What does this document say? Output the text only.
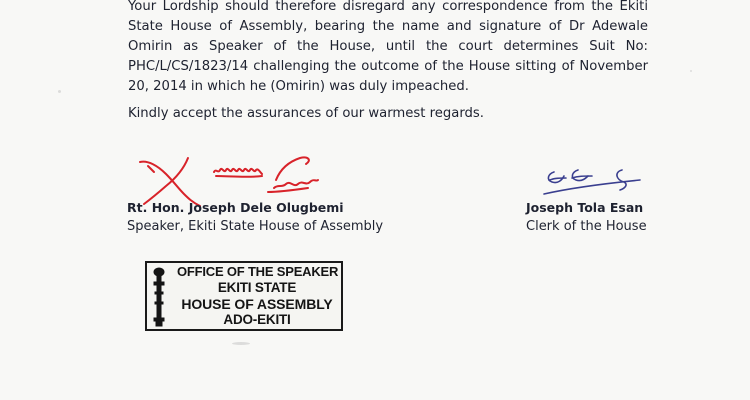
Your Lordship should therefore disregard any correspondence from the Ekiti State House of Assembly, bearing the name and signature of Dr Adewale Omirin as Speaker of the House, until the court determines Suit No: PHC/L/CS/1823/14 challenging the outcome of the House sitting of November 20, 2014 in which he (Omirin) was duly impeached.

Kindly accept the assurances of our warmest regards.

Rt. Hon. Joseph Dele Olugbemi
Speaker, Ekiti State House of Assembly
Joseph Tola Esan
Clerk of the House
OFFICE OF THE SPEAKER
EKITI STATE
HOUSE OF ASSEMBLY
ADO-EKITI
